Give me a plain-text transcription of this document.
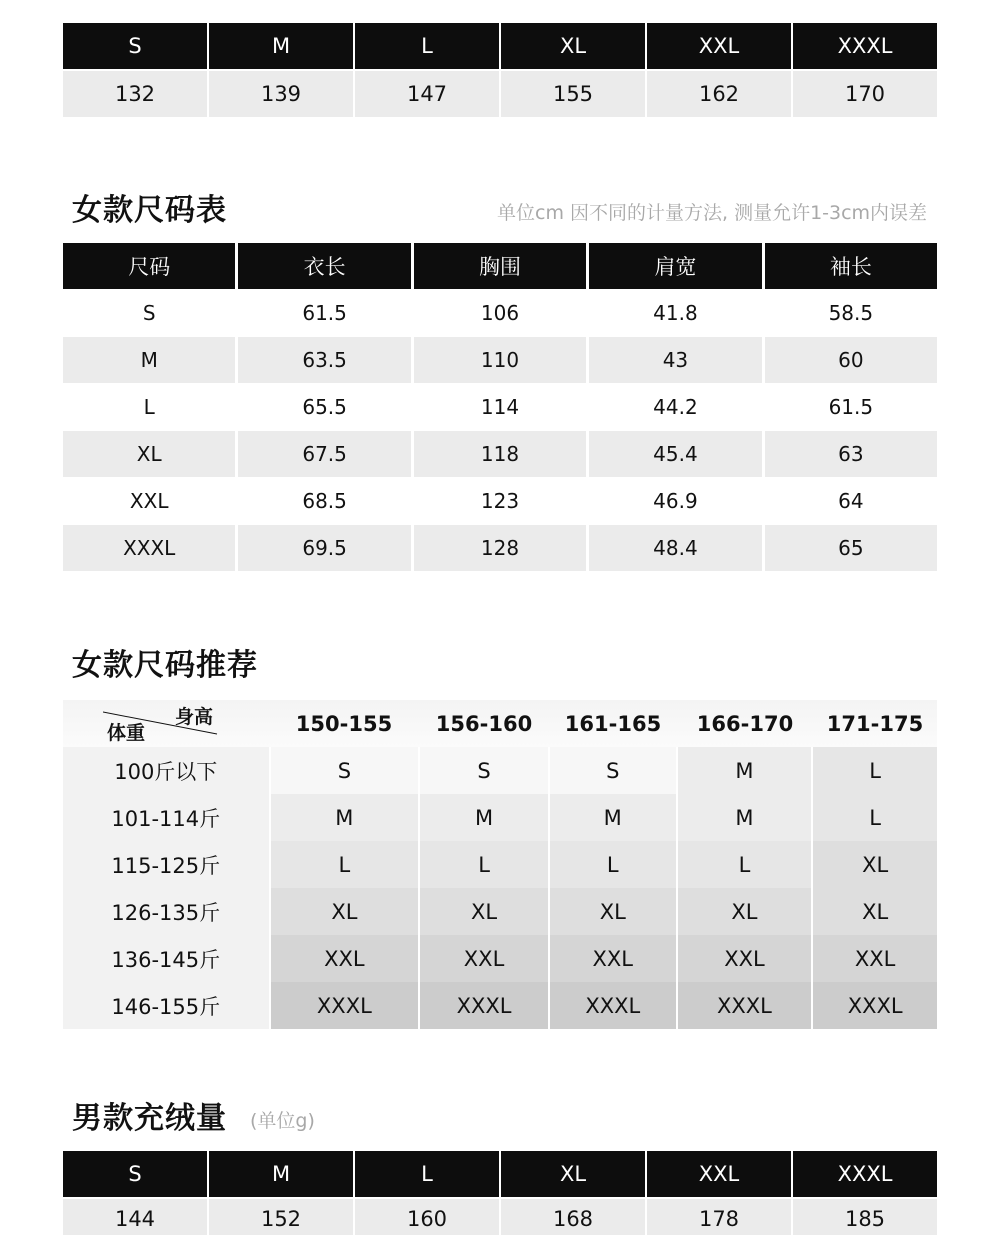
S	M	L	XL	XXL	XXXL
132	139	147	155	162	170
女款尺码表	单位cm 因不同的计量方法, 测量允许1-3cm内误差
尺码	衣长	胸围	肩宽	袖长
S	61.5	106	41.8	58.5
M	63.5	110	43	60
L	65.5	114	44.2	61.5
XL	67.5	118	45.4	63
XXL	68.5	123	46.9	64
XXXL	69.5	128	48.4	65
女款尺码推荐
身高
体重	150-155	156-160	161-165	166-170	171-175
100斤以下	S	S	S	M	L
101-114斤	M	M	M	M	L
115-125斤	L	L	L	L	XL
126-135斤	XL	XL	XL	XL	XL
136-145斤	XXL	XXL	XXL	XXL	XXL
146-155斤	XXXL	XXXL	XXXL	XXXL	XXXL
男款充绒量 (单位g)
S	M	L	XL	XXL	XXXL
144	152	160	168	178	185
